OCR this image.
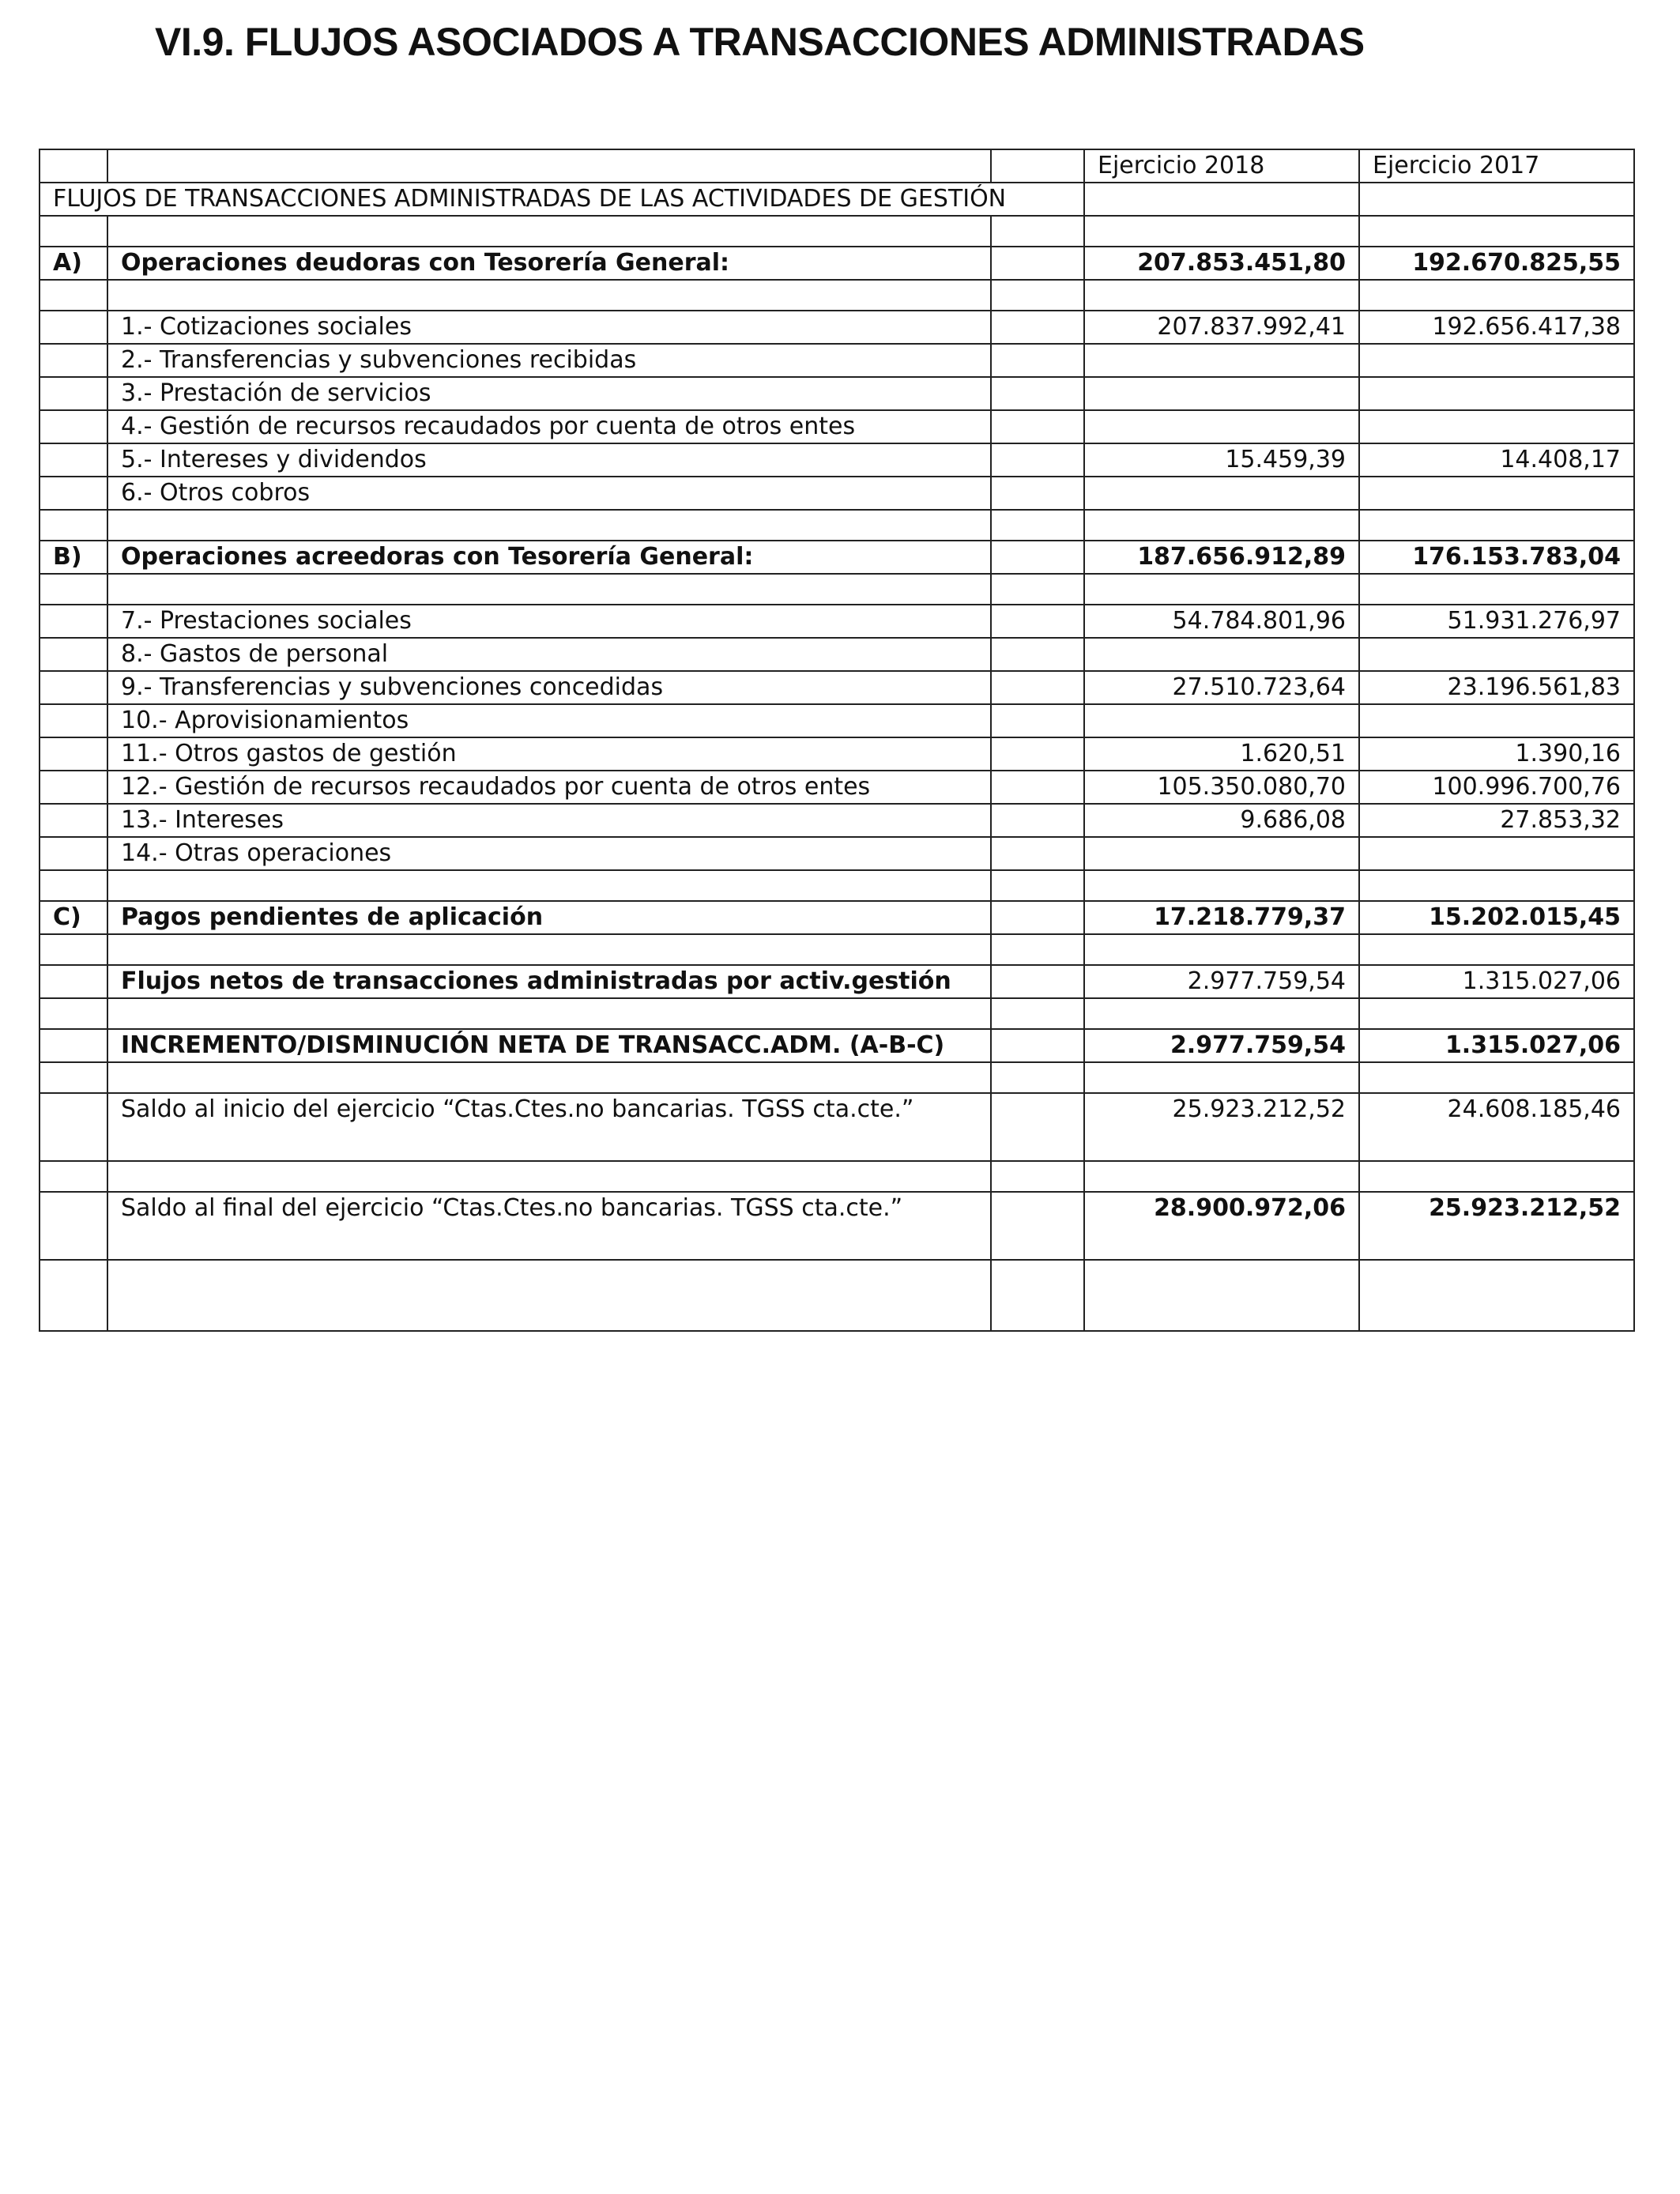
VI.9. FLUJOS ASOCIADOS A TRANSACCIONES ADMINISTRADAS
			Ejercicio 2018	Ejercicio 2017
FLUJOS DE TRANSACCIONES ADMINISTRADAS DE LAS ACTIVIDADES DE GESTIÓN				

A)	Operaciones deudoras con Tesorería General:		207.853.451,80	192.670.825,55

	1.- Cotizaciones sociales		207.837.992,41	192.656.417,38
	2.- Transferencias y subvenciones recibidas			
	3.- Prestación de servicios			
	4.- Gestión de recursos recaudados por cuenta de otros entes			
	5.- Intereses y dividendos		15.459,39	14.408,17
	6.- Otros cobros			

B)	Operaciones acreedoras con Tesorería General:		187.656.912,89	176.153.783,04

	7.- Prestaciones sociales		54.784.801,96	51.931.276,97
	8.- Gastos de personal			
	9.- Transferencias y subvenciones concedidas		27.510.723,64	23.196.561,83
	10.- Aprovisionamientos			
	11.- Otros gastos de gestión		1.620,51	1.390,16
	12.- Gestión de recursos recaudados por cuenta de otros entes		105.350.080,70	100.996.700,76
	13.- Intereses		9.686,08	27.853,32
	14.- Otras operaciones			

C)	Pagos pendientes de aplicación		17.218.779,37	15.202.015,45

	Flujos netos de transacciones administradas por activ.gestión		2.977.759,54	1.315.027,06

	INCREMENTO/DISMINUCIÓN NETA DE TRANSACC.ADM. (A-B-C)		2.977.759,54	1.315.027,06

	Saldo al inicio del ejercicio “Ctas.Ctes.no bancarias. TGSS cta.cte.”		25.923.212,52	24.608.185,46

	Saldo al final del ejercicio “Ctas.Ctes.no bancarias. TGSS cta.cte.”		28.900.972,06	25.923.212,52
